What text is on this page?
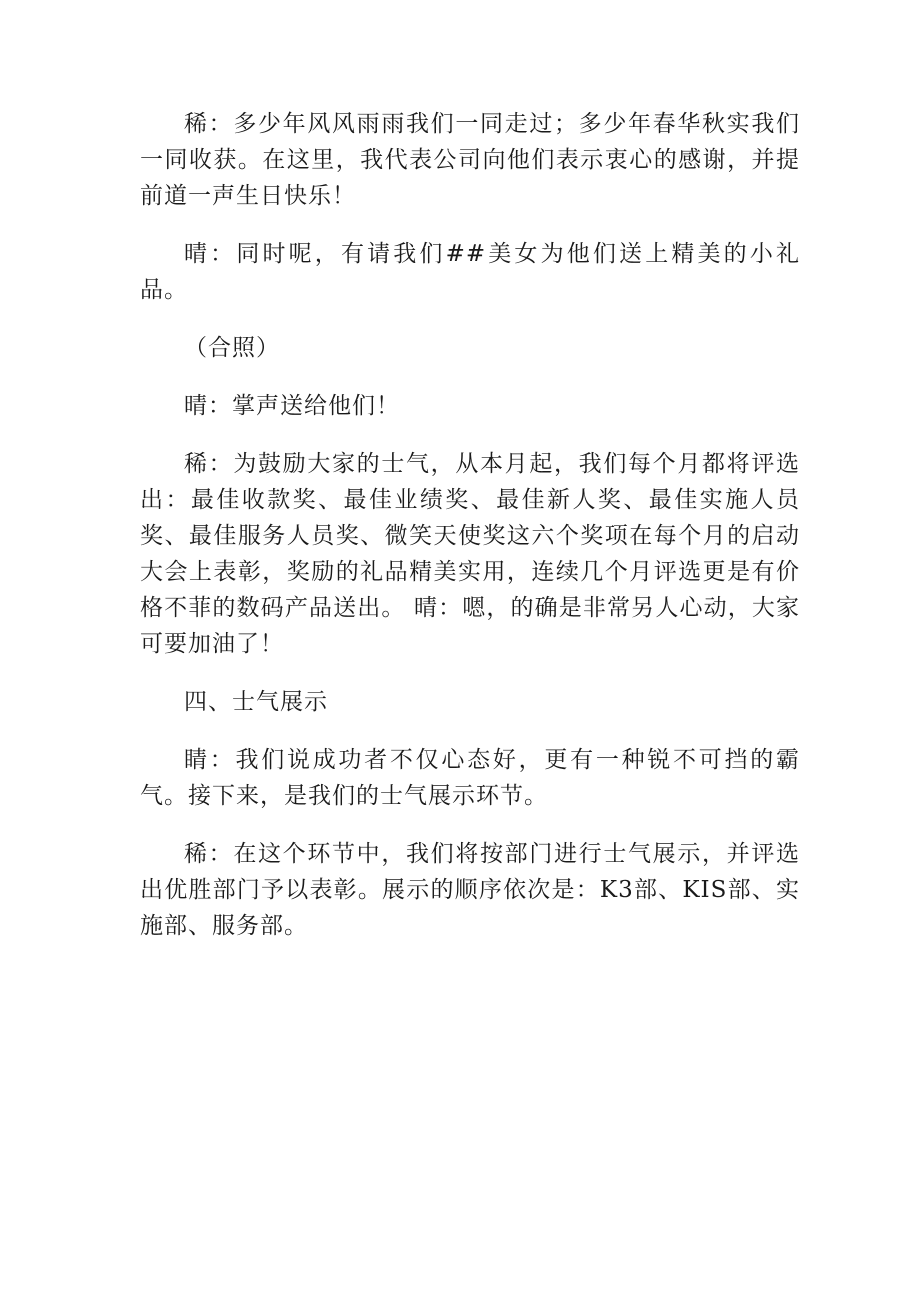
稀：多少年风风雨雨我们一同走过；多少年春华秋实我们一同收获。在这里，我代表公司向他们表示衷心的感谢，并提前道一声生日快乐！

晴：同时呢，有请我们##美女为他们送上精美的小礼品。

（合照）

晴：掌声送给他们！

稀：为鼓励大家的士气，从本月起，我们每个月都将评选出：最佳收款奖、最佳业绩奖、最佳新人奖、最佳实施人员奖、最佳服务人员奖、微笑天使奖这六个奖项在每个月的启动大会上表彰，奖励的礼品精美实用，连续几个月评选更是有价格不菲的数码产品送出。 晴：嗯，的确是非常另人心动，大家可要加油了！

四、士气展示

睛：我们说成功者不仅心态好，更有一种锐不可挡的霸气。接下来，是我们的士气展示环节。

稀：在这个环节中，我们将按部门进行士气展示，并评选出优胜部门予以表彰。展示的顺序依次是：K3部、KIS部、实施部、服务部。
